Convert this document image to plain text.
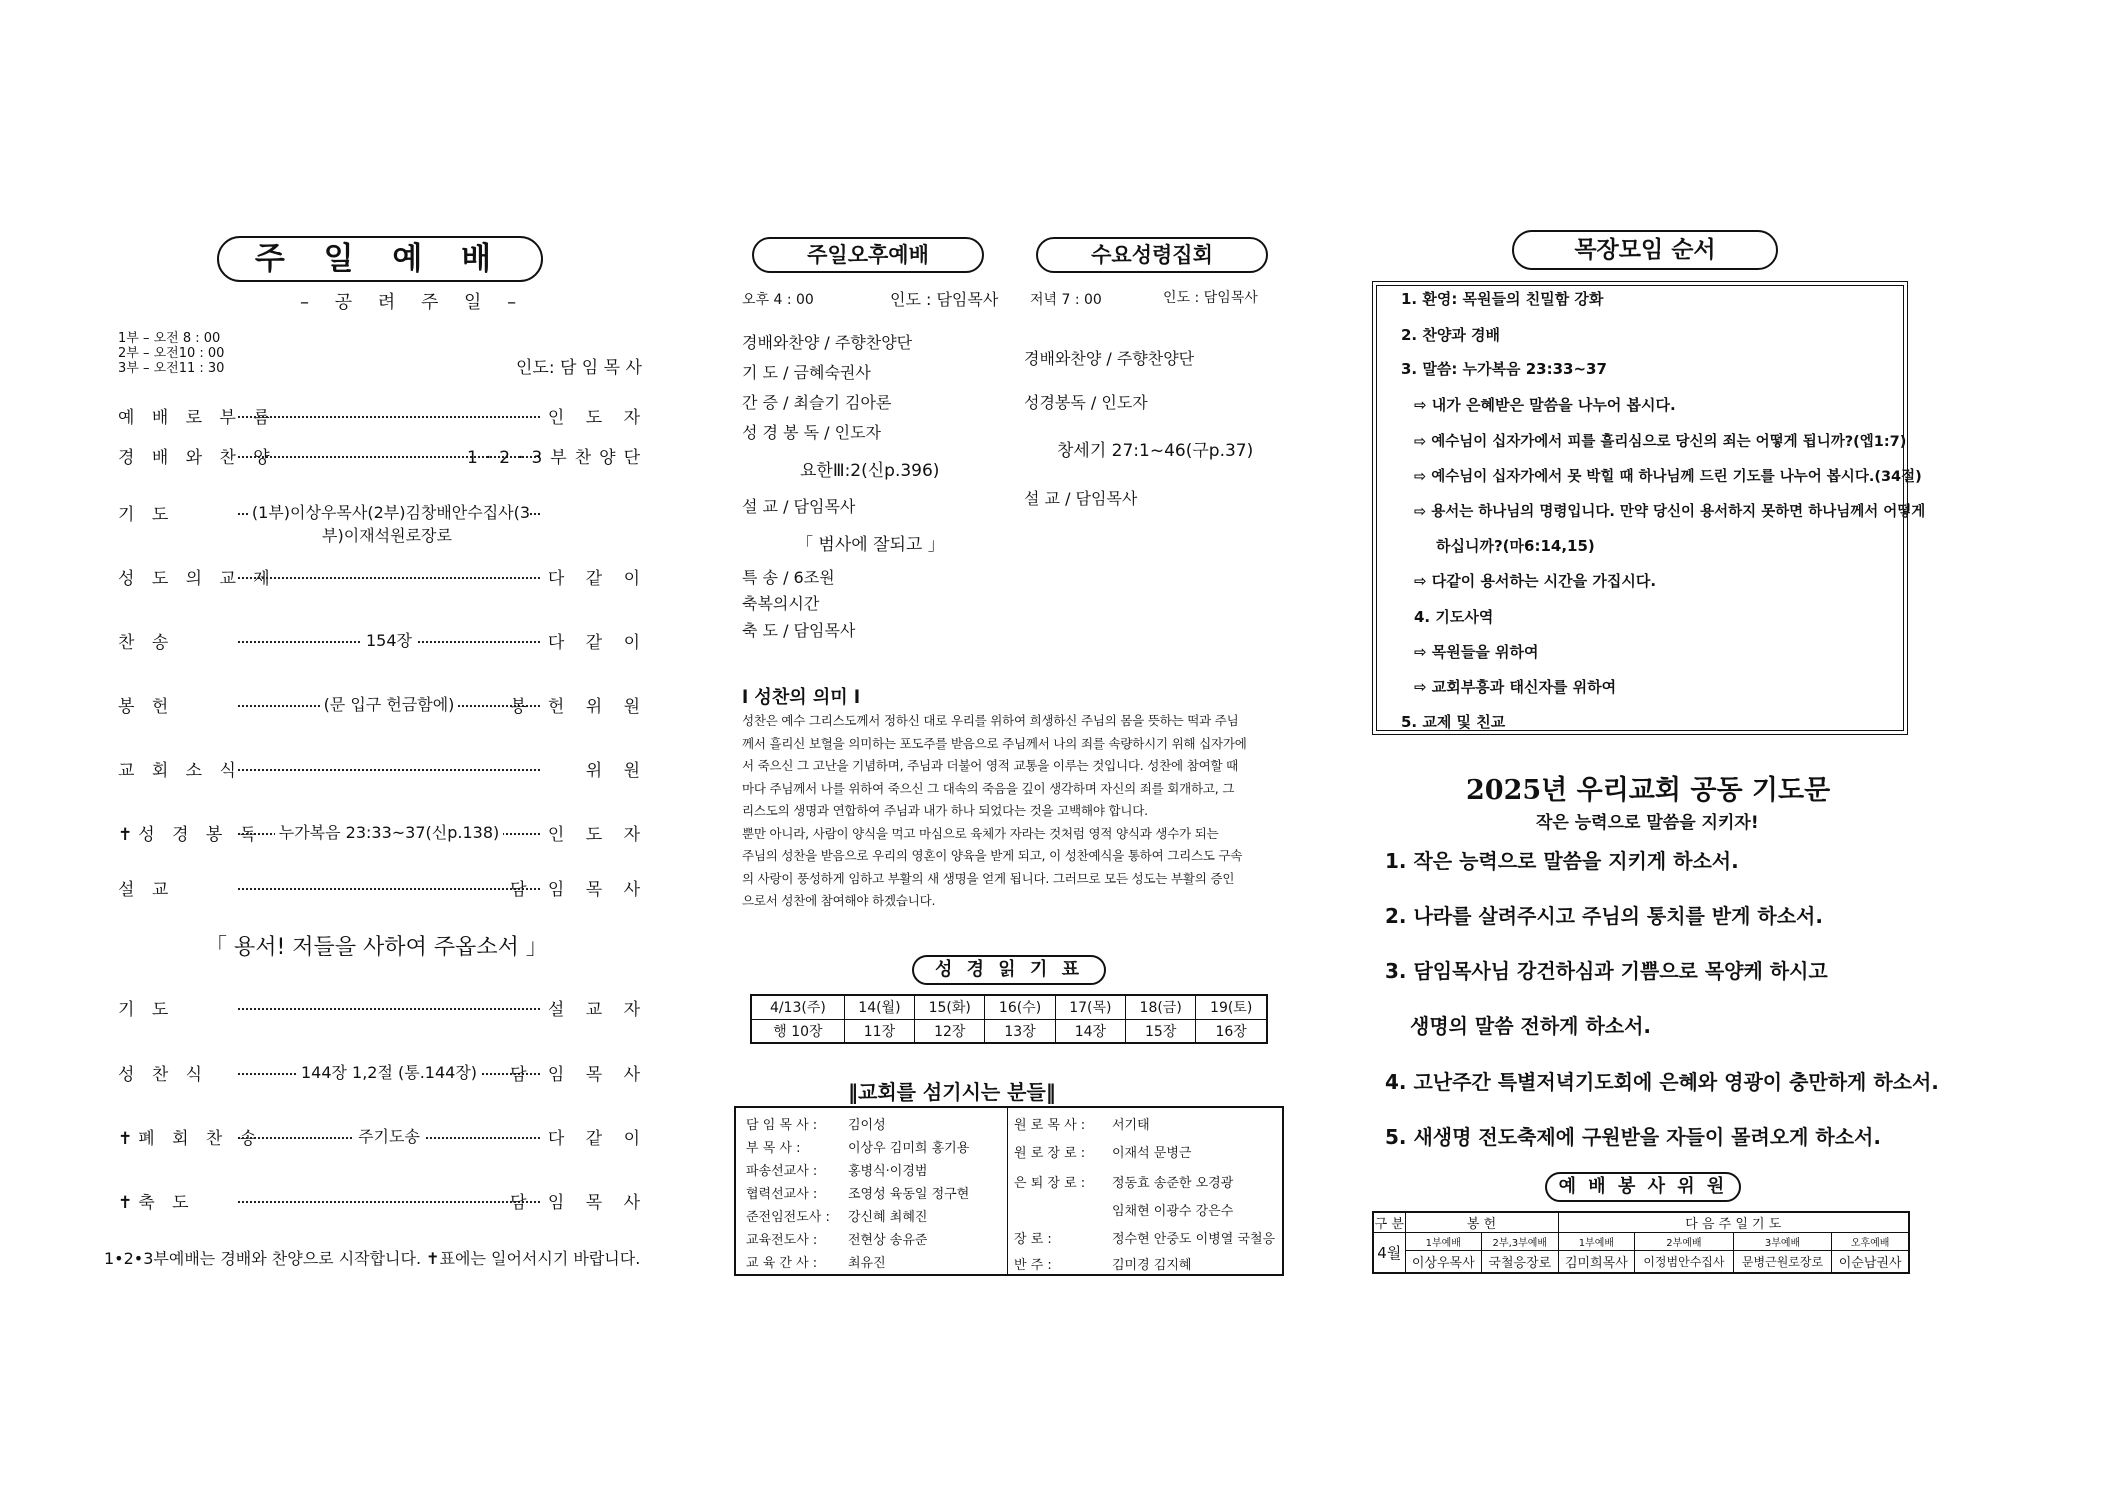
주 일 예 배
– 공 려 주 일 –
1부 – 오전 8 : 00
2부 – 오전10 : 00
3부 – 오전11 : 30	인도: 담 임 목 사
예 배 로 부 름	인 도 자
경 배 와 찬 양	1·2·3부찬양단
기 도	(1부)이상우목사(2부)김창배안수집사(3부)이재석원로장로
성 도 의 교 제	다 같 이
찬 송	154장	다 같 이
봉 헌	(문 입구 헌금함에)	봉 헌 위 원
교 회 소 식	위 원
✝성 경 봉 독	누가복음 23:33~37(신p.138)	인 도 자
설 교	담 임 목 사
「 용서! 저들을 사하여 주옵소서 」
기 도	설 교 자
성 찬 식	144장 1,2절 (통.144장)	담 임 목 사
✝폐 회 찬 송	주기도송	다 같 이
✝축 도	담 임 목 사
1•2•3부예배는 경배와 찬양으로 시작합니다. ✝표에는 일어서시기 바랍니다.
주일오후예배	수요성령집회
오후 4 : 00	인도 : 담임목사 저녁 7 : 00	인도 : 담임목사
경배와찬양 / 주향찬양단
기 도 / 금혜숙권사
간 증 / 최슬기 김아론
성 경 봉 독 / 인도자
요한Ⅲ:2(신p.396)
설 교 / 담임목사
「 범사에 잘되고 」
특 송 / 6조원
축복의시간
축 도 / 담임목사
경배와찬양 / 주향찬양단
성경봉독 / 인도자
창세기 27:1~46(구p.37)
설 교 / 담임목사
l 성찬의 의미 l
성찬은 예수 그리스도께서 정하신 대로 우리를 위하여 희생하신 주님의 몸을 뜻하는 떡과 주님
께서 흘리신 보혈을 의미하는 포도주를 받음으로 주님께서 나의 죄를 속량하시기 위해 십자가에
서 죽으신 그 고난을 기념하며, 주님과 더불어 영적 교통을 이루는 것입니다. 성찬에 참여할 때
마다 주님께서 나를 위하여 죽으신 그 대속의 죽음을 깊이 생각하며 자신의 죄를 회개하고, 그
리스도의 생명과 연합하여 주님과 내가 하나 되었다는 것을 고백해야 합니다.
뿐만 아니라, 사람이 양식을 먹고 마심으로 육체가 자라는 것처럼 영적 양식과 생수가 되는
주님의 성찬을 받음으로 우리의 영혼이 양육을 받게 되고, 이 성찬예식을 통하여 그리스도 구속
의 사랑이 풍성하게 임하고 부활의 새 생명을 얻게 됩니다. 그러므로 모든 성도는 부활의 증인
으로서 성찬에 참여해야 하겠습니다.
성 경 읽 기 표
4/13(주)	14(월)	15(화)	16(수)	17(목)	18(금)	19(토)
행 10장	11장	12장	13장	14장	15장	16장
‖교회를 섬기시는 분들‖
담 임 목 사 : 김이성
부 목 사 :	이상우 김미희 홍기용
파송선교사 : 홍병식·이경범
협력선교사 : 조영성 육동일 정구현
준전임전도사 : 강신혜 최혜진
교육전도사 : 전현상 송유준
교 육 간 사 : 최유진
원 로 목 사 : 서기태
원 로 장 로 : 이재석 문병근
은 퇴 장 로 : 정동효 송준한 오경광
임채현 이광수 강은수
장 로 :	정수현 안중도 이병열 국철응
반 주 :	김미경 김지혜
목장모임 순서
1. 환영: 목원들의 친밀함 강화
2. 찬양과 경배
3. 말씀: 누가복음 23:33~37
⇨ 내가 은혜받은 말씀을 나누어 봅시다.
⇨ 예수님이 십자가에서 피를 흘리심으로 당신의 죄는 어떻게 됩니까?(엡1:7)
⇨ 예수님이 십자가에서 못 박힐 때 하나님께 드린 기도를 나누어 봅시다.(34절)
⇨ 용서는 하나님의 명령입니다. 만약 당신이 용서하지 못하면 하나님께서 어떻게
하십니까?(마6:14,15)
⇨ 다같이 용서하는 시간을 가집시다.
4. 기도사역
⇨ 목원들을 위하여
⇨ 교회부흥과 태신자를 위하여
5. 교제 및 친교
2025년 우리교회 공동 기도문
작은 능력으로 말씀을 지키자!
1. 작은 능력으로 말씀을 지키게 하소서.
2. 나라를 살려주시고 주님의 통치를 받게 하소서.
3. 담임목사님 강건하심과 기쁨으로 목양케 하시고
생명의 말씀 전하게 하소서.
4. 고난주간 특별저녁기도회에 은혜와 영광이 충만하게 하소서.
5. 새생명 전도축제에 구원받을 자들이 몰려오게 하소서.
예 배 봉 사 위 원
구 분	봉 헌		다 음 주 일 기 도			
4월	1부예배	2부,3부예배	1부예배	2부예배	3부예배	오후예배
	이상우목사	국철응장로	김미희목사	이정범안수집사	문병근원로장로	이순남권사
